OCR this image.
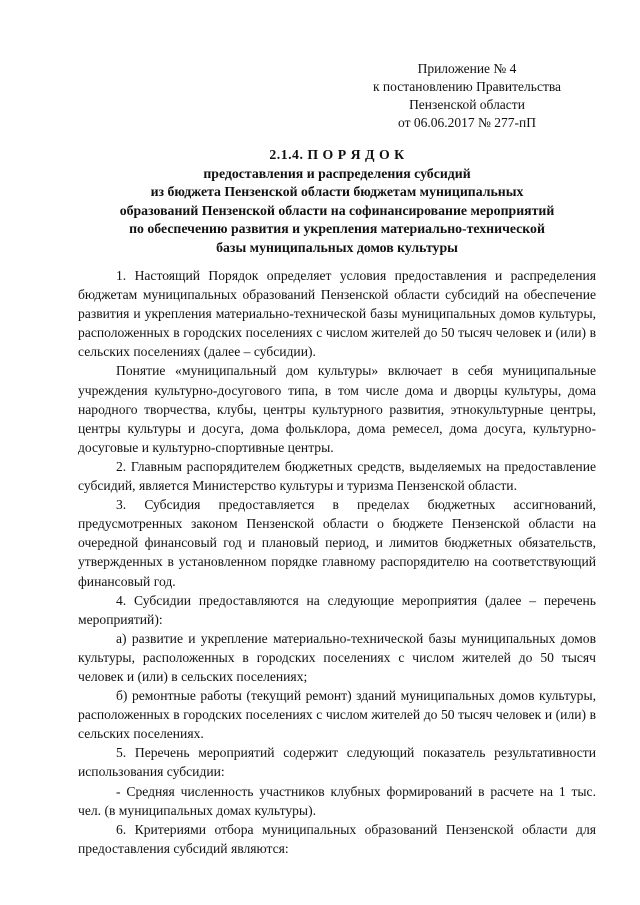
Приложение № 4
к постановлению Правительства
Пензенской области
от 06.06.2017 № 277-пП
2.1.4. П О Р Я Д О К
предоставления и распределения субсидий
из бюджета Пензенской области бюджетам муниципальных
образований Пензенской области на софинансирование мероприятий
по обеспечению развития и укрепления материально-технической
базы муниципальных домов культуры

1. Настоящий Порядок определяет условия предоставления и распределения бюджетам муниципальных образований Пензенской области субсидий на обеспечение развития и укрепления материально-технической базы муниципальных домов культуры, расположенных в городских поселениях с числом жителей до 50 тысяч человек и (или) в сельских поселениях (далее – субсидии).

Понятие «муниципальный дом культуры» включает в себя муниципальные учреждения культурно-досугового типа, в том числе дома и дворцы культуры, дома народного творчества, клубы, центры культурного развития, этнокультурные центры, центры культуры и досуга, дома фольклора, дома ремесел, дома досуга, культурно-досуговые и культурно-спортивные центры.

2. Главным распорядителем бюджетных средств, выделяемых на предоставление субсидий, является Министерство культуры и туризма Пензенской области.

3. Субсидия предоставляется в пределах бюджетных ассигнований, предусмотренных законом Пензенской области о бюджете Пензенской области на очередной финансовый год и плановый период, и лимитов бюджетных обязательств, утвержденных в установленном порядке главному распорядителю на соответствующий финансовый год.

4. Субсидии предоставляются на следующие мероприятия (далее – перечень мероприятий):

а) развитие и укрепление материально-технической базы муниципальных домов культуры, расположенных в городских поселениях с числом жителей до 50 тысяч человек и (или) в сельских поселениях;

б) ремонтные работы (текущий ремонт) зданий муниципальных домов культуры, расположенных в городских поселениях с числом жителей до 50 тысяч человек и (или) в сельских поселениях.

5. Перечень мероприятий содержит следующий показатель результативности использования субсидии:

- Средняя численность участников клубных формирований в расчете на 1 тыс. чел. (в муниципальных домах культуры).

6. Критериями отбора муниципальных образований Пензенской области для предоставления субсидий являются:
